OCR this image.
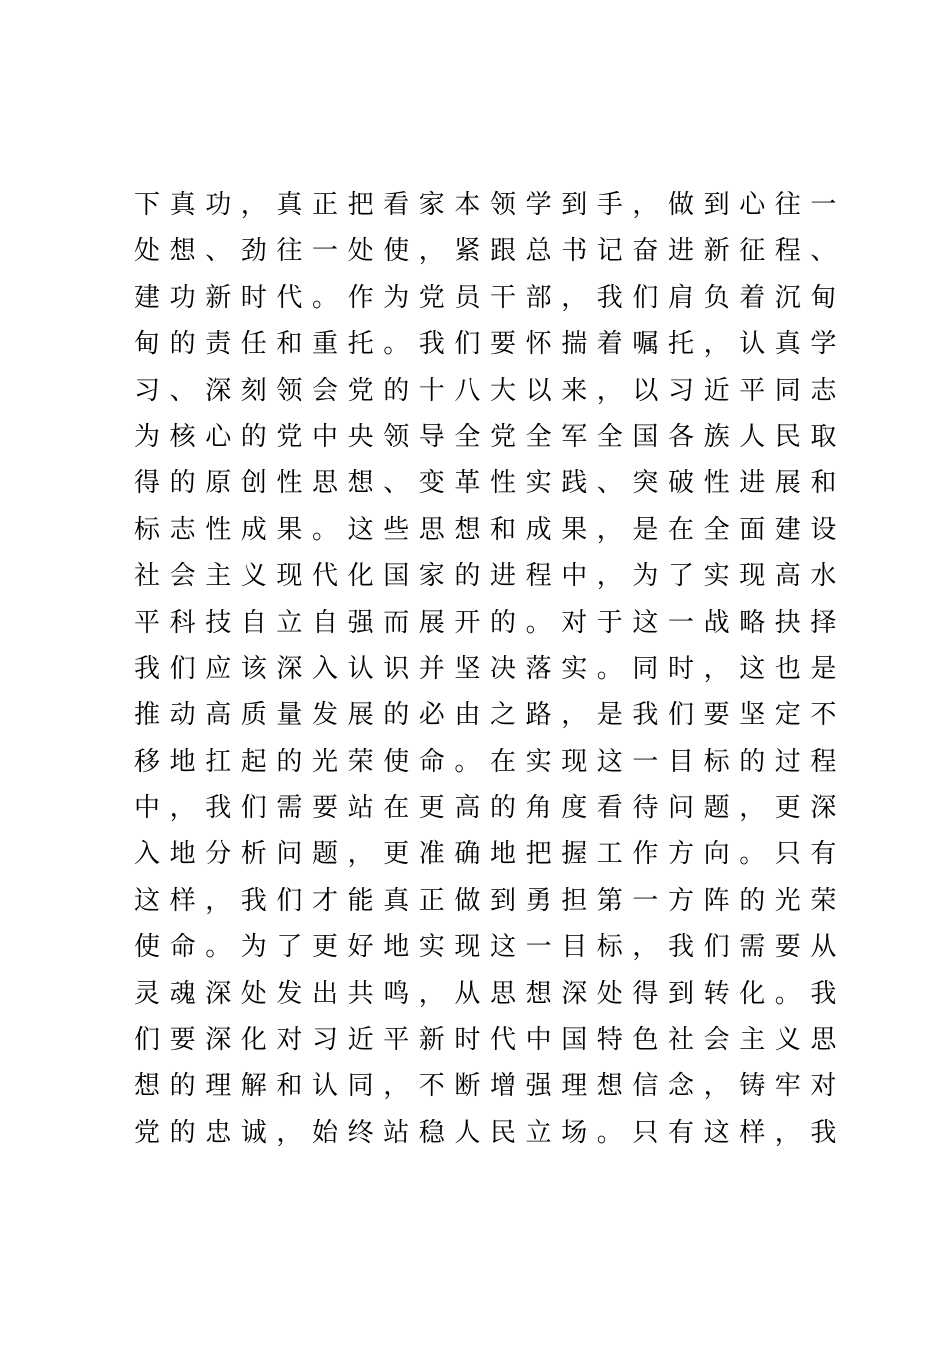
下真功，真正把看家本领学到手，做到心往一
处想、劲往一处使，紧跟总书记奋进新征程、
建功新时代。作为党员干部，我们肩负着沉甸
甸的责任和重托。我们要怀揣着嘱托，认真学
习、深刻领会党的十八大以来，以习近平同志
为核心的党中央领导全党全军全国各族人民取
得的原创性思想、变革性实践、突破性进展和
标志性成果。这些思想和成果，是在全面建设
社会主义现代化国家的进程中，为了实现高水
平科技自立自强而展开的。对于这一战略抉择
我们应该深入认识并坚决落实。同时，这也是
推动高质量发展的必由之路，是我们要坚定不
移地扛起的光荣使命。在实现这一目标的过程
中，我们需要站在更高的角度看待问题，更深
入地分析问题，更准确地把握工作方向。只有
这样，我们才能真正做到勇担第一方阵的光荣
使命。为了更好地实现这一目标，我们需要从
灵魂深处发出共鸣，从思想深处得到转化。我
们要深化对习近平新时代中国特色社会主义思
想的理解和认同，不断增强理想信念，铸牢对
党的忠诚，始终站稳人民立场。只有这样，我
